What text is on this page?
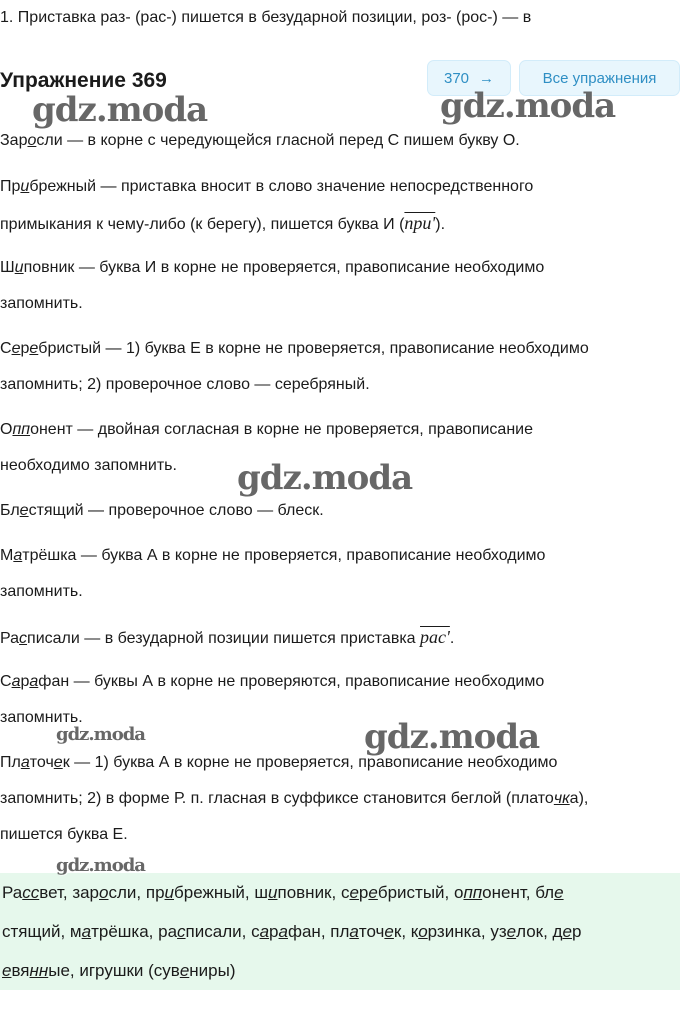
1. Приставка раз- (рас-) пишется в безударной позиции, роз- (рос-) — в
Упражнение 369	370 →	Все упражнения

Заросли — в корне с чередующейся гласной перед С пишем букву О.

Прибрежный — приставка вносит в слово значение непосредственного

примыкания к чему-либо (к берегу), пишется буква И (при').

Шиповник — буква И в корне не проверяется, правописание необходимо

запомнить.

Серебристый — 1) буква Е в корне не проверяется, правописание необходимо

запомнить; 2) проверочное слово — серебряный.

Оппонент — двойная согласная в корне не проверяется, правописание

необходимо запомнить.

Блестящий — проверочное слово — блеск.

Матрёшка — буква А в корне не проверяется, правописание необходимо

запомнить.

Расписали — в безударной позиции пишется приставка рас'.

Сарафан — буквы А в корне не проверяются, правописание необходимо

запомнить.

Платочек — 1) буква А в корне не проверяется, правописание необходимо

запомнить; 2) в форме Р. п. гласная в суффиксе становится беглой (платочка),

пишется буква Е.

Рассвет, заросли, прибрежный, шиповник, серебристый, оппонент, бле

стящий, матрёшка, расписали, сарафан, платочек, корзинка, узелок, дер

евянные, игрушки (сувениры)

gdz.moda	gdz.moda
gdz.moda
gdz.moda	gdz.moda
gdz.moda
